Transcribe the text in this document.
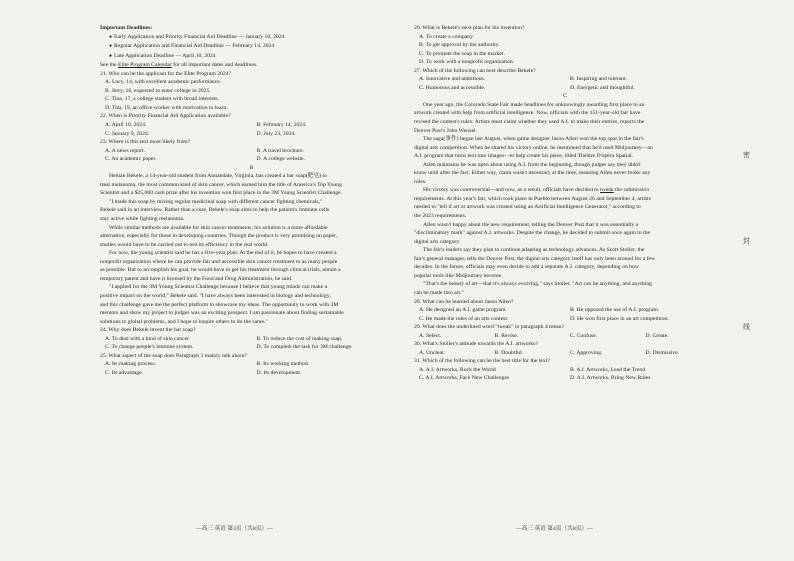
Important Deadlines:
● Early Application and Priority Financial Aid Deadline — January 10, 2024
● Regular Application and Financial Aid Deadline — February 14, 2024
● Late Application Deadline — April 10, 2024
See the Elite Program Calendar for all important dates and deadlines.
21. Who can be the applicant for the Elite Program 2024?
A. Lucy, 14, with excellent academic performance.
B. Jerry, 16, expected to enter college in 2025.
C. Tina, 17, a college student with broad interests.
D. Tim, 19, an office worker with motivation to learn.
22. When is Priority Financial Aid Application available?
A. April 10, 2024.	B. February 14, 2024.
C. January 9, 2024.	D. July 23, 2024.
23. Where is this text most likely from?
A. A news report.	B. A travel brochure.
C. An academic paper.	D. A college website.
B
Heman Bekele, a 14-year-old student from Annandale, Virginia, has created a bar soap(肥皂) to
treat melanoma, the most common kind of skin cancer, which earned him the title of America's Top Young
Scientist and a $25,000 cash prize after his invention won first place in the 3M Young Scientist Challenge.
"I made this soap by mixing regular medicinal soap with different cancer fighting chemicals,"
Bekele said in an interview. Rather than a cure, Bekele's soap aims to help the patient's immune cells
stay active while fighting melanoma.
While similar methods are available for skin cancer treatments, his solution is a more affordable
alternative, especially for those in developing countries. Though the product is very promising on paper,
studies would have to be carried out to test its efficiency in the real world.
For now, the young scientist said he has a five-year plan: At the end of it, he hopes to have created a
nonprofit organization where he can provide fair and accessible skin cancer treatment to as many people
as possible. But to accomplish his goal, he would have to get his treatment through clinical trials, obtain a
temporary patent and have it licensed by the Food and Drug Administration, he said.
"I applied for the 3M Young Scientist Challenge because I believe that young minds can make a
positive impact on the world," Bekele said. "I have always been interested in biology and technology,
and this challenge gave me the perfect platform to showcase my ideas. The opportunity to work with 3M
mentors and show my project to judges was an exciting prospect. I am passionate about finding sustainable
solutions to global problems, and I hope to inspire others to do the same."
24. Why does Bekele invent the bar soap?
A. To deal with a kind of skin cancer.	B. To reduce the cost of making soap.
C. To change people's immune system.	D. To complete the task for 3M challenge.
25. What aspect of the soap does Paragraph 3 mainly talk about?
A. Its making process.	B. Its working method.
C. Its advantage.	D. Its development.
—高三 英语 第3页（共8页）—
26. What is Bekele's next plan for his invention?
A. To create a company.
B. To get approval by the authority.
C. To promote the soap in the market.
D. To work with a nonprofit organization.
27. Which of the following can best describe Bekele?
A. Innovative and ambitious.	B. Inspiring and tolerant.
C. Humorous and accessible.	D. Energetic and thoughtful.
C
One year ago, the Colorado State Fair made headlines for unknowingly awarding first place to an
artwork created with help from artificial intelligence. Now, officials with the 151-year-old fair have
revised the contest's rules: Artists must claim whether they used A.I. to make their entries, reports the
Denver Post's John Wenzel.
The saga(事件) began last August, when game designer Jason Allen won the top spot in the fair's
digital arts competition. When he shared his victory online, he mentioned that he'd used Midjourney—an
A.I. program that turns text into images—to help create his piece, titled Théâtre D'opéra Spatial.
Allen maintains he was open about using A.I. from the beginning, though judges say they didn't
know until after the fact. Either way, claim wasn't necessary at the time, meaning Allen never broke any
rules.
His victory was controversial—and now, as a result, officials have decided to tweak the submission
requirements. At this year's fair, which took place in Pueblo between August 26 and September 4, artists
needed to "tell if art or artwork was created using an Artificial Intelligence Generator," according to
the 2023 requirements.
Allen wasn't happy about the new requirement, telling the Denver Post that it was essentially a
"discriminatory mark" against A.I. artworks. Despite the change, he decided to submit once again to the
digital arts category.
The fair's leaders say they plan to continue adapting as technology advances. As Scott Stoller, the
fair's general manager, tells the Denver Post, the digital arts category itself has only been around for a few
decades. In the future, officials may even decide to add a separate A.I. category, depending on how
popular tools like Midjourney become.
"That's the beauty of art—that it's always evolving," says Stoller. "Art can be anything, and anything
can be made into art."
28. What can be learned about Jason Allen?
A. He designed an A.I. game program.	B. He opposed the use of A.I. program.
C. He made the rules of an arts contest.	D. He won first place in an art competition.
29. What does the underlined word "tweak" in paragraph 4 mean?
A. Select.	B. Revise.	C. Confuse.	D. Create.
30. What's Stoller's attitude towards the A.I. artworks?
A. Unclear.	B. Doubtful.	C. Approving.	D. Dismissive.
31. Which of the following can be the best title for the text?
A. A.I. Artworks, Rock the World	B. A.I. Artworks, Lead the Trend
C. A.I. Artworks, Face New Challenges	D. A.I. Artworks, Bring New Rules
—高三 英语 第4页（共8页）—
密
封
线
